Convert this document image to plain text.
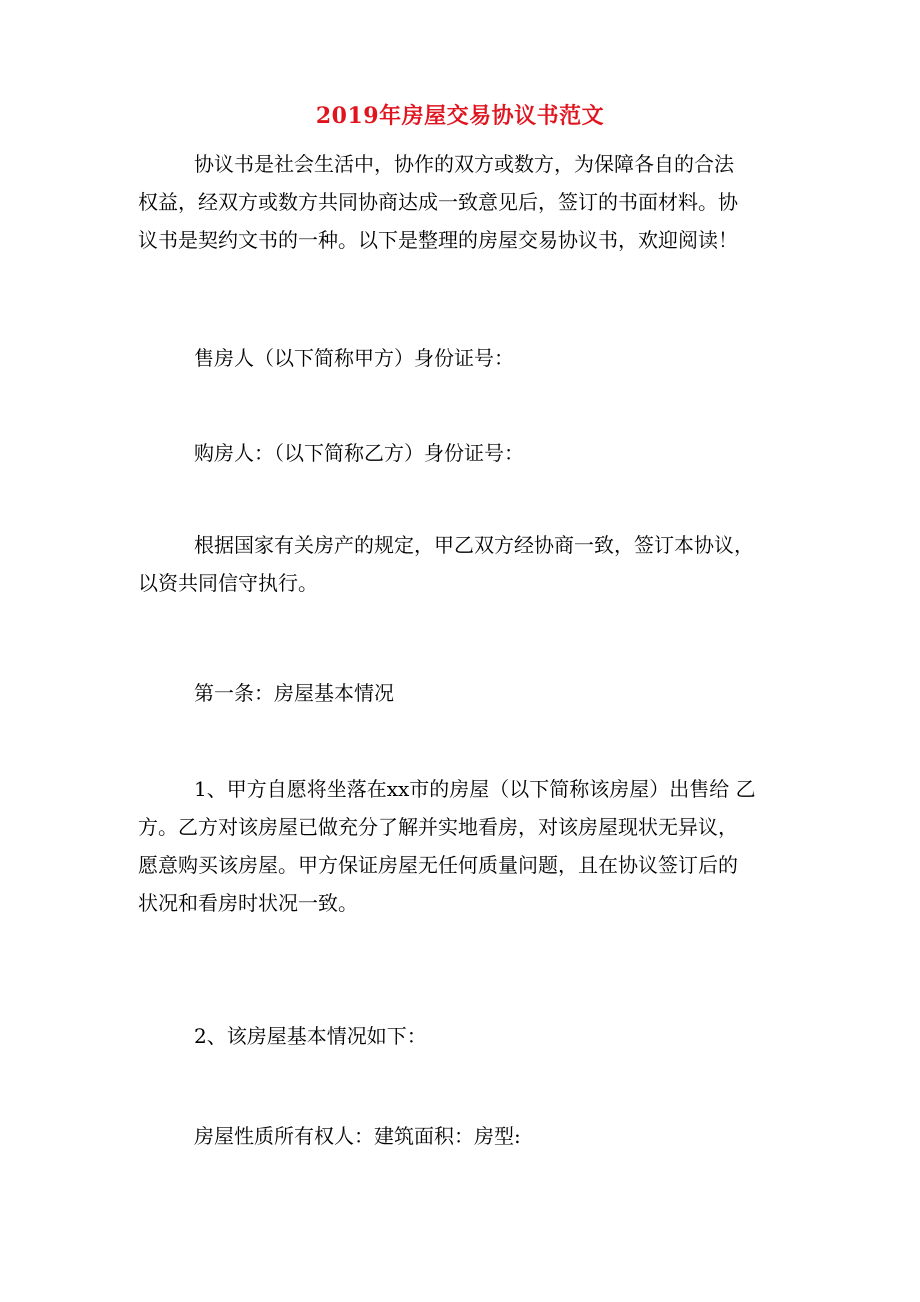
2019年房屋交易协议书范文

协议书是社会生活中，协作的双方或数方，为保障各自的合法
权益，经双方或数方共同协商达成一致意见后，签订的书面材料。协
议书是契约文书的一种。以下是整理的房屋交易协议书，欢迎阅读！

售房人（以下简称甲方）身份证号：

购房人：（以下简称乙方）身份证号：

根据国家有关房产的规定，甲乙双方经协商一致，签订本协议，
以资共同信守执行。

第一条：房屋基本情况

1、甲方自愿将坐落在xx市的房屋（以下简称该房屋）出售给 乙
方。乙方对该房屋已做充分了解并实地看房，对该房屋现状无异议，
愿意购买该房屋。甲方保证房屋无任何质量问题，且在协议签订后的
状况和看房时状况一致。

2、该房屋基本情况如下：

房屋性质所有权人：建筑面积：房型:
